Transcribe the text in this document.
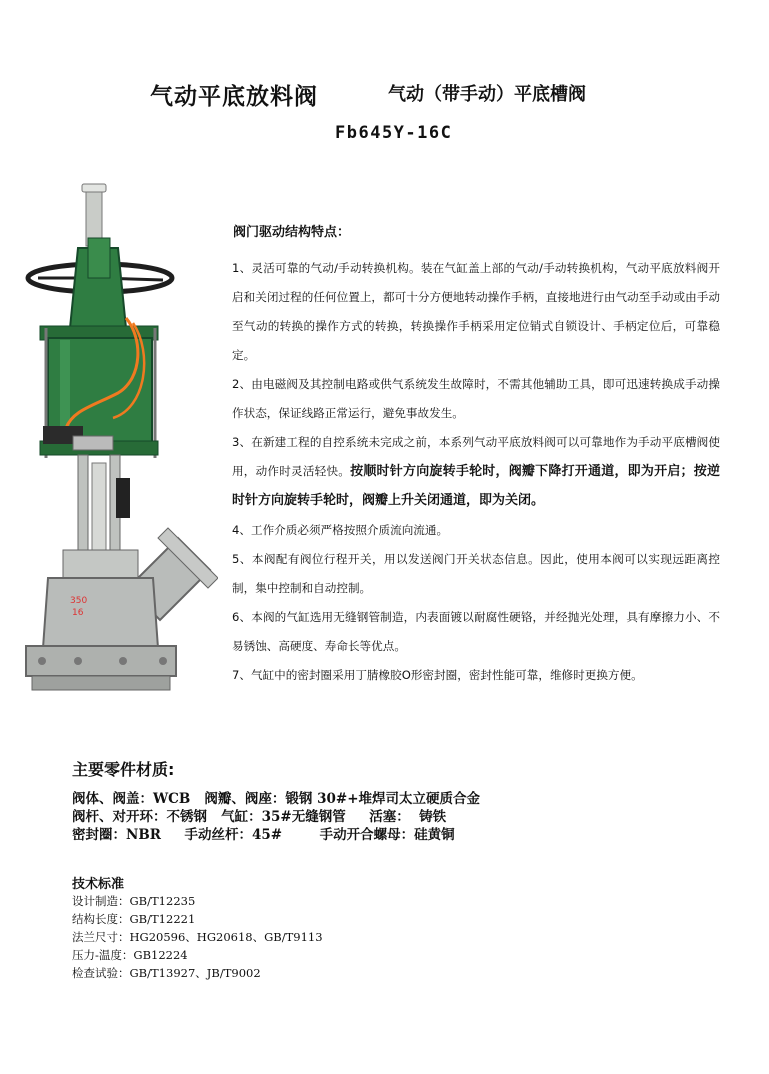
气动平底放料阀	气动（带手动）平底槽阀
Fb645Y-16C
350
16
阀门驱动结构特点：
1、灵活可靠的气动/手动转换机构。装在气缸盖上部的气动/手动转换机构，气动平底放料阀开启和关闭过程的任何位置上，都可十分方便地转动操作手柄，直接地进行由气动至手动或由手动至气动的转换的操作方式的转换，转换操作手柄采用定位销式自锁设计、手柄定位后，可靠稳定。
2、由电磁阀及其控制电路或供气系统发生故障时，不需其他辅助工具，即可迅速转换成手动操作状态，保证线路正常运行，避免事故发生。
3、在新建工程的自控系统未完成之前，本系列气动平底放料阀可以可靠地作为手动平底槽阀使用，动作时灵活轻快。按顺时针方向旋转手轮时，阀瓣下降打开通道，即为开启；按逆时针方向旋转手轮时，阀瓣上升关闭通道，即为关闭。
4、工作介质必须严格按照介质流向流通。
5、本阀配有阀位行程开关，用以发送阀门开关状态信息。因此，使用本阀可以实现远距离控制，集中控制和自动控制。
6、本阀的气缸选用无缝钢管制造，内表面镀以耐腐性硬铬，并经抛光处理，具有摩擦力小、不易锈蚀、高硬度、寿命长等优点。
7、气缸中的密封圈采用丁腈橡胶O形密封圈，密封性能可靠，维修时更换方便。
主要零件材质:
阀体、阀盖：WCB   阀瓣、阀座：锻钢 30#+堆焊司太立硬质合金
阀杆、对开环：不锈钢   气缸：35#无缝钢管     活塞：  铸铁
密封圈：NBR     手动丝杆：45#        手动开合螺母：硅黄铜
技术标准
设计制造：GB/T12235
结构长度：GB/T12221
法兰尺寸：HG20596、HG20618、GB/T9113
压力-温度：GB12224
检查试验：GB/T13927、JB/T9002
